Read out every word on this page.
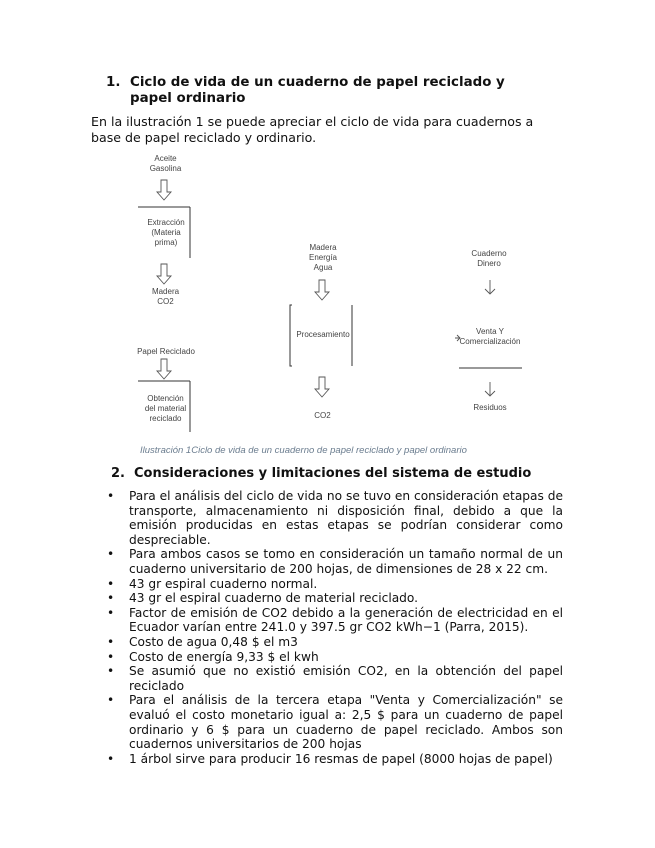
1. Ciclo de vida de un cuaderno de papel reciclado y papel ordinario
En la ilustración 1 se puede apreciar el ciclo de vida para cuadernos a base de papel reciclado y ordinario.
Aceite
Gasolina
Extracción
(Materia
prima)
Madera
CO2
Papel Reciclado
Obtención
del material
reciclado
Madera
Energía
Agua
Procesamiento
CO2
Cuaderno
Dinero
Venta Y
Comercialización
Residuos
Ilustración 1Ciclo de vida de un cuaderno de papel reciclado y papel ordinario
2. Consideraciones y limitaciones del sistema de estudio
• Para el análisis del ciclo de vida no se tuvo en consideración etapas de transporte, almacenamiento ni disposición final, debido a que la emisión producidas en estas etapas se podrían considerar como despreciable.
• Para ambos casos se tomo en consideración un tamaño normal de un cuaderno universitario de 200 hojas, de dimensiones de 28 x 22 cm.
• 43 gr espiral cuaderno normal.
• 43 gr el espiral cuaderno de material reciclado.
• Factor de emisión de CO2 debido a la generación de electricidad en el Ecuador varían entre 241.0 y 397.5 gr CO2 kWh−1 (Parra, 2015).
• Costo de agua 0,48 $ el m3
• Costo de energía 9,33 $ el kwh
• Se asumió que no existió emisión CO2, en la obtención del papel reciclado
• Para el análisis de la tercera etapa "Venta y Comercialización" se evaluó el costo monetario igual a: 2,5 $ para un cuaderno de papel ordinario y 6 $ para un cuaderno de papel reciclado. Ambos son cuadernos universitarios de 200 hojas
• 1 árbol sirve para producir 16 resmas de papel (8000 hojas de papel)
